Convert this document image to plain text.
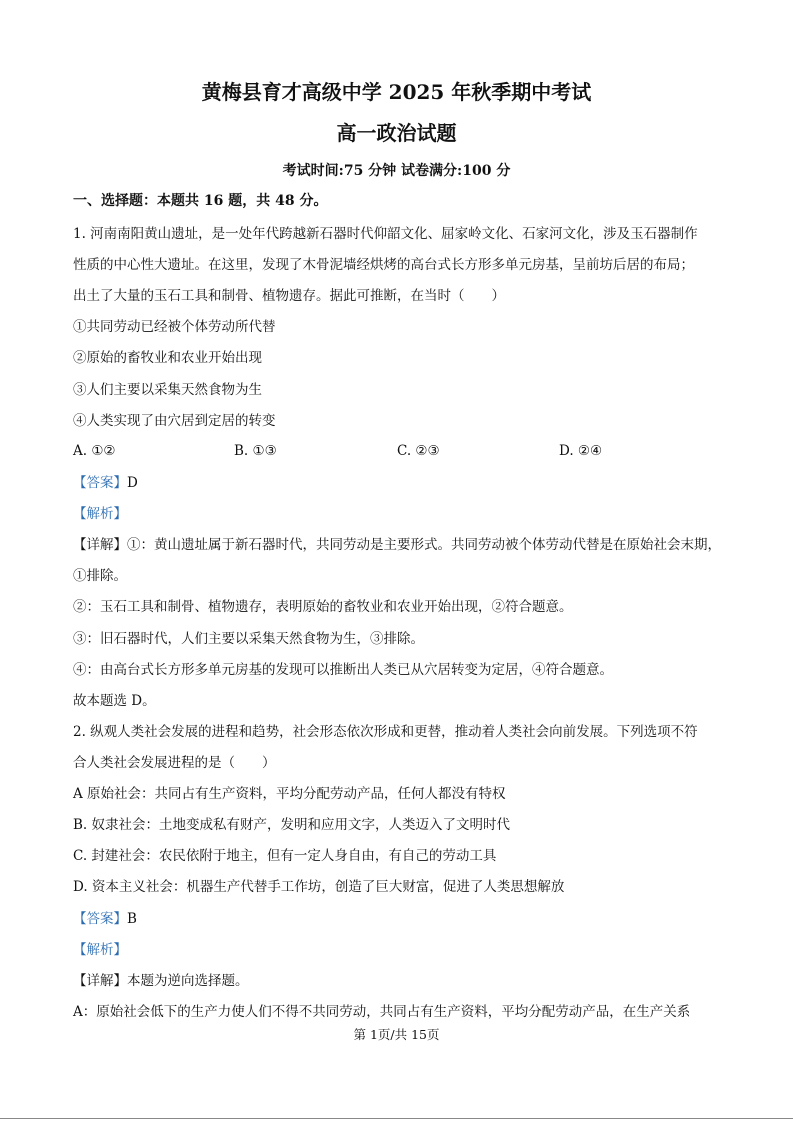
黄梅县育才高级中学 2025 年秋季期中考试
高一政治试题
考试时间:75 分钟 试卷满分:100 分
一、选择题：本题共 16 题，共 48 分。
1. 河南南阳黄山遗址，是一处年代跨越新石器时代仰韶文化、屈家岭文化、石家河文化，涉及玉石器制作
性质的中心性大遗址。在这里，发现了木骨泥墙经烘烤的高台式长方形多单元房基，呈前坊后居的布局；
出土了大量的玉石工具和制骨、植物遗存。据此可推断，在当时（　　）
①共同劳动已经被个体劳动所代替
②原始的畜牧业和农业开始出现
③人们主要以采集天然食物为生
④人类实现了由穴居到定居的转变
A. ①②	B. ①③	C. ②③	D. ②④
【答案】D
【解析】
【详解】①：黄山遗址属于新石器时代，共同劳动是主要形式。共同劳动被个体劳动代替是在原始社会末期，
①排除。
②：玉石工具和制骨、植物遗存，表明原始的畜牧业和农业开始出现，②符合题意。
③：旧石器时代，人们主要以采集天然食物为生，③排除。
④：由高台式长方形多单元房基的发现可以推断出人类已从穴居转变为定居，④符合题意。
故本题选 D。
2. 纵观人类社会发展的进程和趋势，社会形态依次形成和更替，推动着人类社会向前发展。下列选项不符
合人类社会发展进程的是（　　）
A 原始社会：共同占有生产资料，平均分配劳动产品，任何人都没有特权
B. 奴隶社会：土地变成私有财产，发明和应用文字，人类迈入了文明时代
C. 封建社会：农民依附于地主，但有一定人身自由，有自己的劳动工具
D. 资本主义社会：机器生产代替手工作坊，创造了巨大财富，促进了人类思想解放
【答案】B
【解析】
【详解】本题为逆向选择题。
A：原始社会低下的生产力使人们不得不共同劳动，共同占有生产资料，平均分配劳动产品，在生产关系
第 1页/共 15页
